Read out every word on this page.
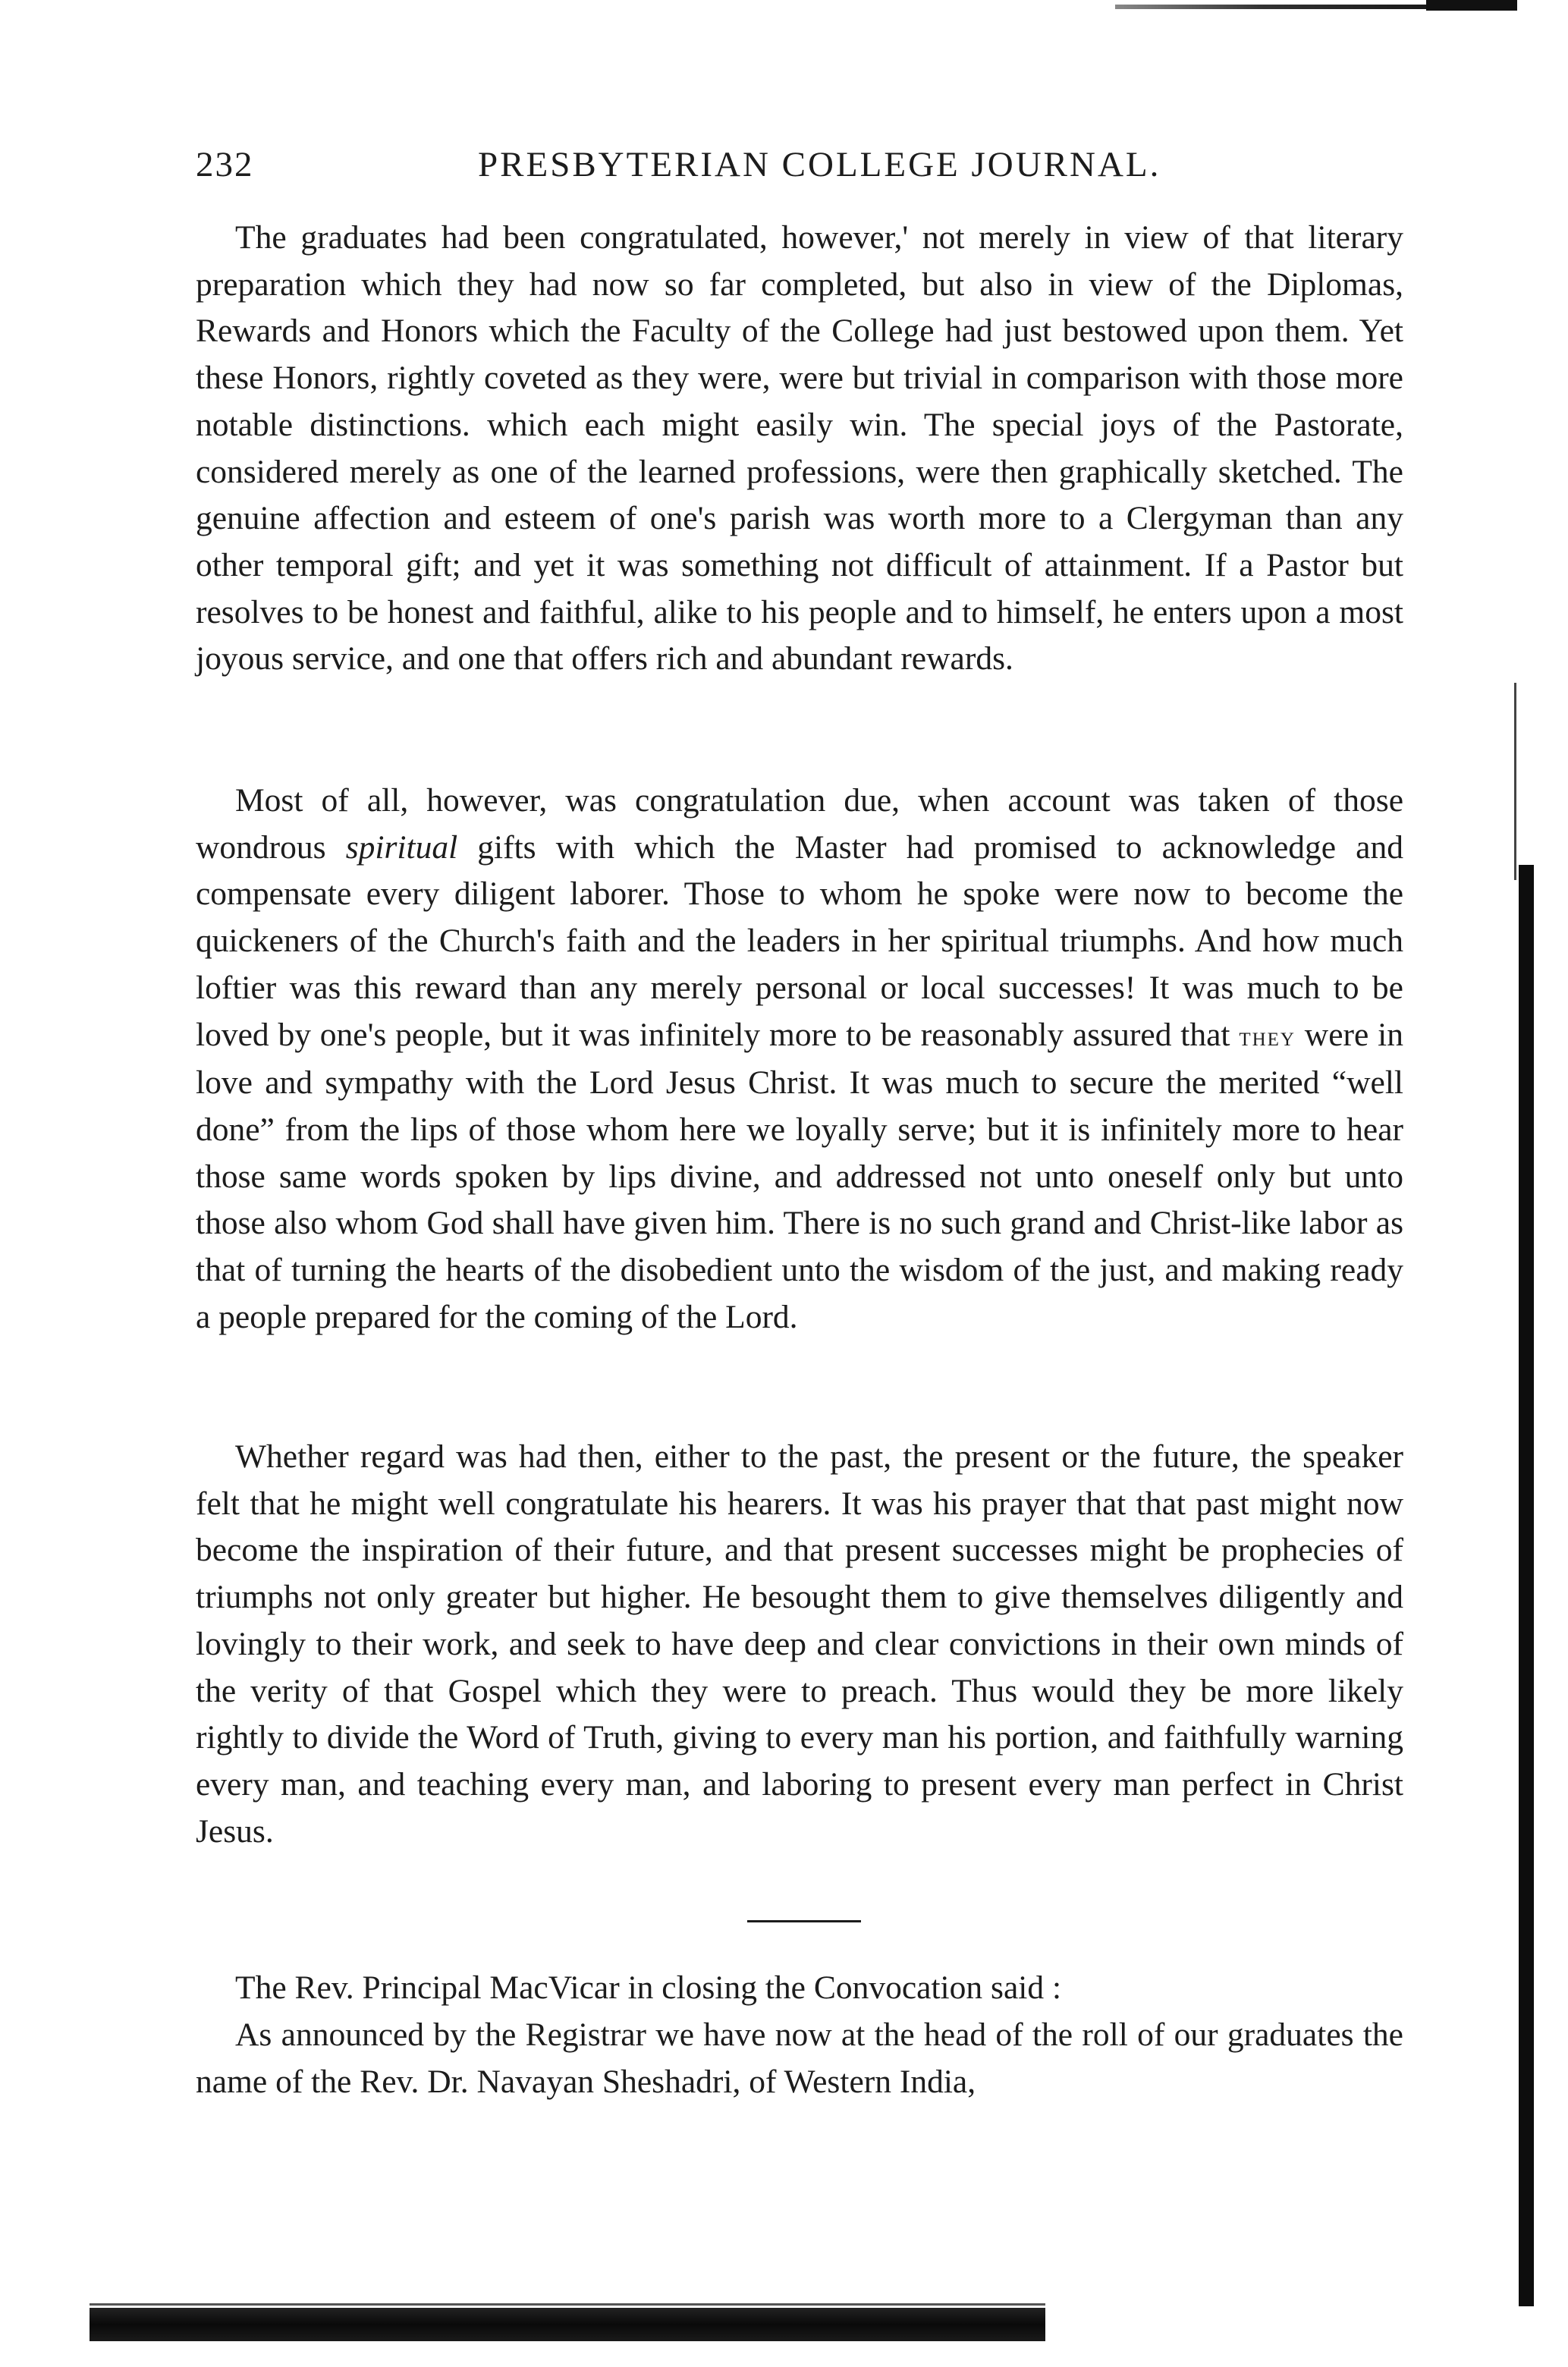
232	PRESBYTERIAN COLLEGE JOURNAL.

The graduates had been congratulated, however,' not merely in view of that literary preparation which they had now so far completed, but also in view of the Diplomas, Rewards and Honors which the Faculty of the College had just bestowed upon them. Yet these Honors, rightly coveted as they were, were but trivial in comparison with those more notable distinctions. which each might easily win. The special joys of the Pastorate, considered merely as one of the learned professions, were then graphically sketched. The genuine affection and esteem of one's parish was worth more to a Clergyman than any other temporal gift; and yet it was something not difficult of attainment. If a Pastor but resolves to be honest and faithful, alike to his people and to himself, he enters upon a most joyous service, and one that offers rich and abundant rewards.

Most of all, however, was congratulation due, when account was taken of those wondrous spiritual gifts with which the Master had promised to acknowledge and compensate every diligent laborer. Those to whom he spoke were now to become the quickeners of the Church's faith and the leaders in her spiritual triumphs. And how much loftier was this reward than any merely personal or local successes! It was much to be loved by one's people, but it was infinitely more to be reasonably assured that they were in love and sympathy with the Lord Jesus Christ. It was much to secure the merited “well done” from the lips of those whom here we loyally serve; but it is infinitely more to hear those same words spoken by lips divine, and addressed not unto oneself only but unto those also whom God shall have given him. There is no such grand and Christ-like labor as that of turning the hearts of the disobedient unto the wisdom of the just, and making ready a people prepared for the coming of the Lord.

Whether regard was had then, either to the past, the present or the future, the speaker felt that he might well congratulate his hearers. It was his prayer that that past might now become the inspiration of their future, and that present successes might be prophecies of triumphs not only greater but higher. He besought them to give themselves diligently and lovingly to their work, and seek to have deep and clear convictions in their own minds of the verity of that Gospel which they were to preach. Thus would they be more likely rightly to divide the Word of Truth, giving to every man his portion, and faithfully warning every man, and teaching every man, and laboring to present every man perfect in Christ Jesus.

The Rev. Principal MacVicar in closing the Convocation said :

As announced by the Registrar we have now at the head of the roll of our graduates the name of the Rev. Dr. Navayan Sheshadri, of Western India,
